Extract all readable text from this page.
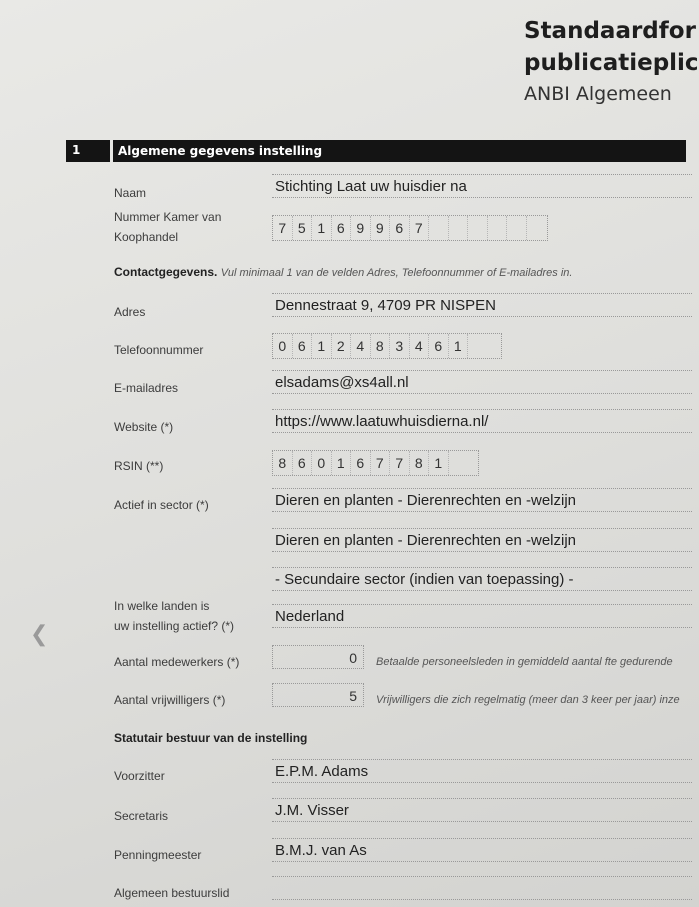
Standaardfor
publicatieplic
ANBI Algemeen
1	Algemene gegevens instelling
Naam	Stichting Laat uw huisdier na
Nummer Kamer van
Koophandel
7 5 1 6 9 9 6 7
Contactgegevens. Vul minimaal 1 van de velden Adres, Telefoonnummer of E-mailadres in.
Adres	Dennestraat 9, 4709 PR NISPEN
Telefoonnummer	0 6 1 2 4 8 3 4 6 1
E-mailadres	elsadams@xs4all.nl
Website (*)	https://www.laatuwhuisdierna.nl/
RSIN (**)	8 6 0 1 6 7 7 8 1
Actief in sector (*)	Dieren en planten - Dierenrechten en -welzijn
Dieren en planten - Dierenrechten en -welzijn
- Secundaire sector (indien van toepassing) -
In welke landen is
uw instelling actief? (*)
Nederland
❮
Aantal medewerkers (*)	0	Betaalde personeelsleden in gemiddeld aantal fte gedurende
Aantal vrijwilligers (*)	5	Vrijwilligers die zich regelmatig (meer dan 3 keer per jaar) inze
Statutair bestuur van de instelling
Voorzitter	E.P.M. Adams
Secretaris	J.M. Visser
Penningmeester	B.M.J. van As
Algemeen bestuurslid
